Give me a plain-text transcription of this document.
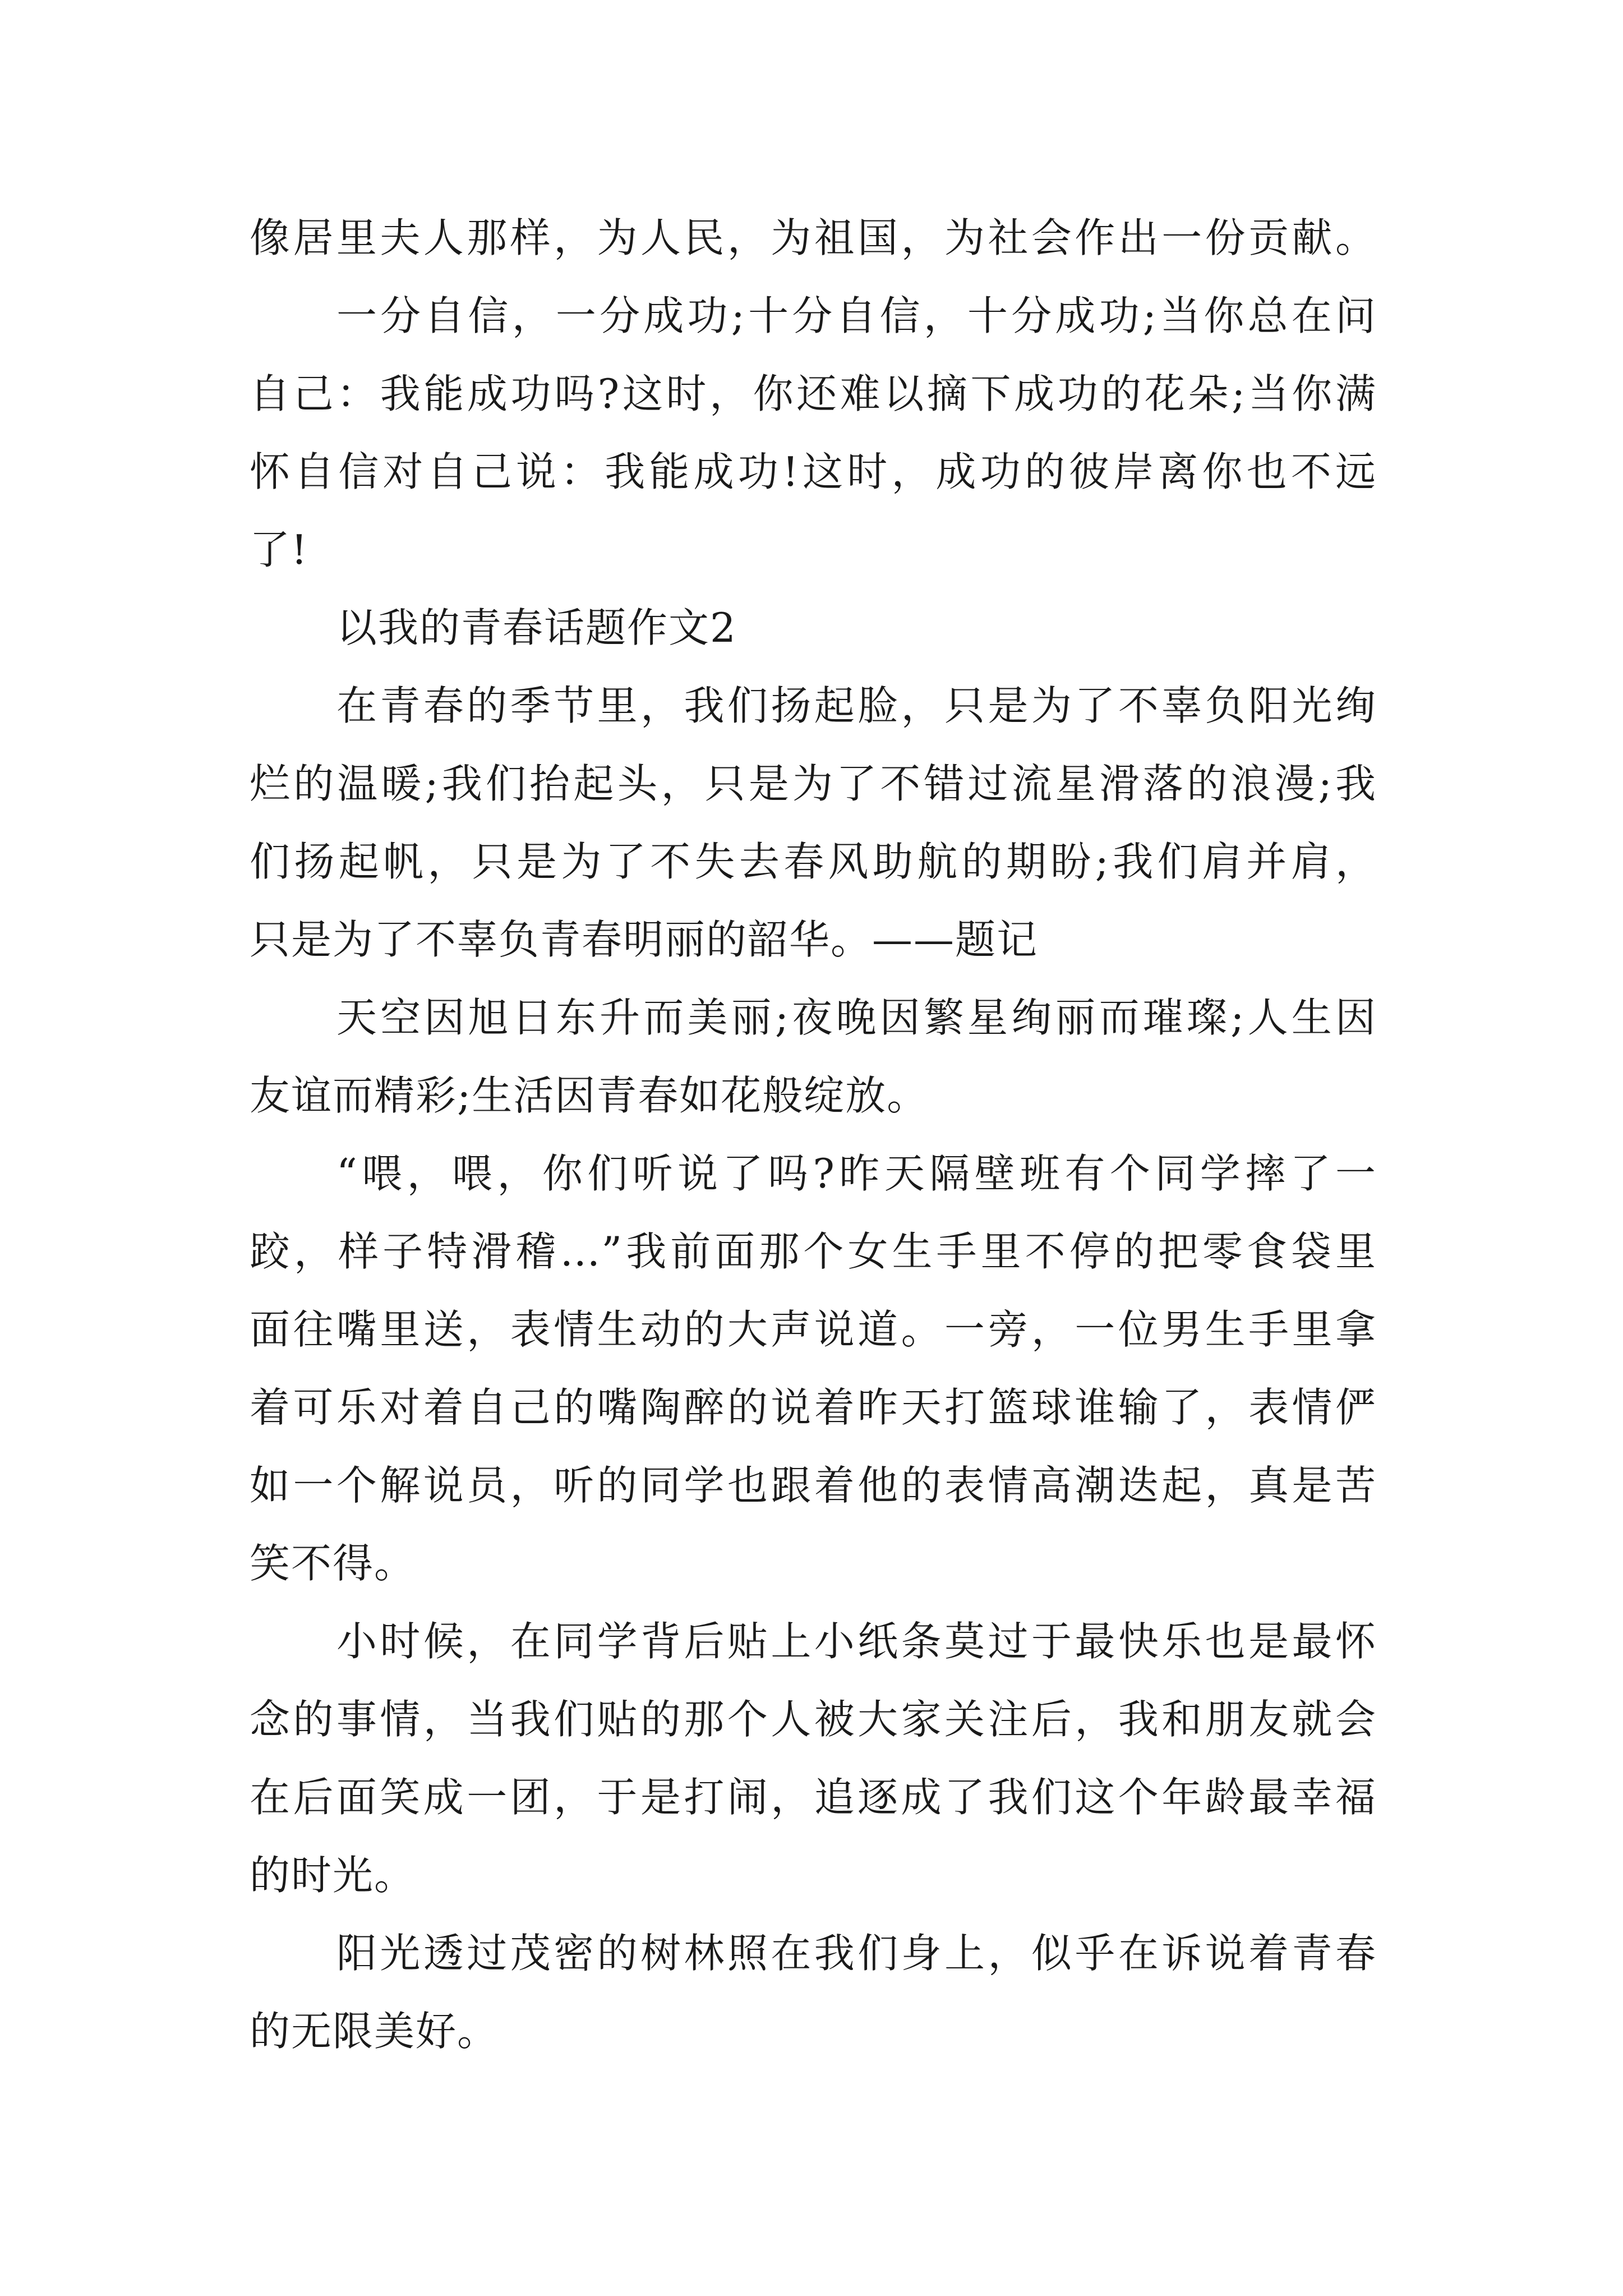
像居里夫人那样，为人民，为祖国，为社会作出一份贡献。
一分自信，一分成功;十分自信，十分成功;当你总在问
自己：我能成功吗?这时，你还难以摘下成功的花朵;当你满
怀自信对自己说：我能成功!这时，成功的彼岸离你也不远
了!
以我的青春话题作文2
在青春的季节里，我们扬起脸，只是为了不辜负阳光绚
烂的温暖;我们抬起头，只是为了不错过流星滑落的浪漫;我
们扬起帆，只是为了不失去春风助航的期盼;我们肩并肩，
只是为了不辜负青春明丽的韶华。——题记
天空因旭日东升而美丽;夜晚因繁星绚丽而璀璨;人生因
友谊而精彩;生活因青春如花般绽放。
“喂，喂，你们听说了吗?昨天隔壁班有个同学摔了一
跤，样子特滑稽…”我前面那个女生手里不停的把零食袋里
面往嘴里送，表情生动的大声说道。一旁，一位男生手里拿
着可乐对着自己的嘴陶醉的说着昨天打篮球谁输了，表情俨
如一个解说员，听的同学也跟着他的表情高潮迭起，真是苦
笑不得。
小时候，在同学背后贴上小纸条莫过于最快乐也是最怀
念的事情，当我们贴的那个人被大家关注后，我和朋友就会
在后面笑成一团，于是打闹，追逐成了我们这个年龄最幸福
的时光。
阳光透过茂密的树林照在我们身上，似乎在诉说着青春
的无限美好。
